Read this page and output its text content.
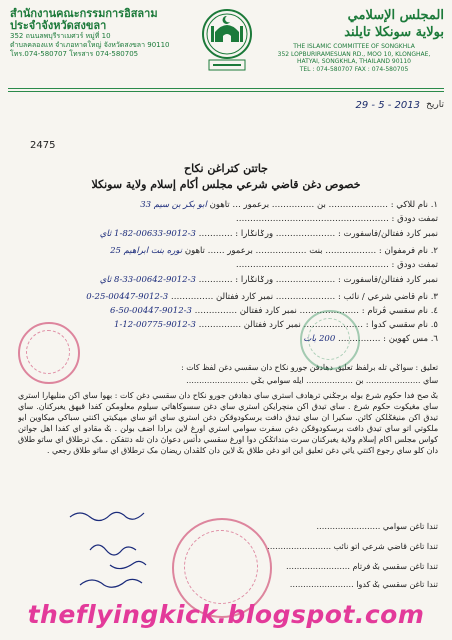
สำนักงานคณะกรรมการอิสลาม
ประจำจังหวัดสงขลา
352 ถนนลพบุรีราเมศวร์ หมู่ที่ 10
ตำบลคลองแห จำเภอหาดใหญ่ จังหวัดสงขลา 90110
โทร.074-580707 โทรสาร 074-580705
المجلس الإسلامي
بولاية سونكلا تايلند
THE ISLAMIC COMMITTEE OF SONGKHLA
352 LOPBURIRAMESUAN RD., MOO 10, KLONGHAE,
HATYAI, SONGKHLA, THAILAND 90110
TEL : 074-580707 FAX : 074-580705
29 - 5 - 2013 تاريخ
2475
جاتتن كتراغن نكاح
خصوص دغن قاضي شرعي مجلس أكام إسلام ولاية سونكلا
١. نام للاكي : ………………… بن …………… برعمور … تاهون ابو بكر بن سيم 33
تمفت دودق : ………………………………………………
نمبر كارد ففتالن/فاسفورت : ………………… ورݢانݢارا : ………… 3-9012-00633-82-1 ثاي
٢. نام فرمفوان : ……………… بنت ……………… برعمور …… تاهون نوره بنت ابراهيم 25
تمفت دودق : ………………………………………………
نمبر كارد ففتالن/فاسفورت : ………………… ورݢانݢارا : ………… 3-9012-00642-33-8 ثاي
٣. نام قاضي شرعي / نائب : ………………… نمبر كارد ففتالن …………… 3-9012-00447-25-0
٤. نام سقسي ڤرتام : ………………… نمبر كارد ففتالن …………… 3-9012-00447-50-6
٥. نام سقسي كدوا : ………………… نمبر كارد ففتالن …………… 3-9012-00775-12-1
٦. مس كهوين : …………… 200 بات
تعليق : سواݢي تله برلفظ تعليق دهادفن جورو نكاح دان سقسي دغن لفظ كات :
ساي ………………… بن ……………… ايله سوامي بݢي ……………………
بݢ صح فدا حكوم شرع بوله برجݢني ترهادف استري ساي دهادفن جورو نكاح دان سقسي دغن كات : بهوا ساي اكن منليهارا استري ساي مڠيكوت حكوم شرع . ساي تيدق اكن منچرايكن استري ساي دغن سسوكاهاتي سيلوم معلومكن كفدا قيهق يغبركنان. ساي تيدق اكن منيڠݢلكن كائن. سكيرا ان ساي تيدق دافت برسكودوقكن دغن استري ساي اتو ساي مڽيكيتي اكنتي سباكي ميكاوين ايو ملكوتي اتو ساي تيدق دافت برسكودوقكن دغن سفرت سوامي استري اورغ لاين برادا اضف بولن . بݢ مقادو اي كفدا اهل جواتن كواس مجلس اكام إسلام ولاية يغبركنان سرت منداتݢكن دوا اورغ سقسي دأتس دعواڽ دان تله دتتفكن . مک ترطلاق اي ساتو طلاق دان كلو ساي رجوع اكنتي ياتي دغن تعليق اين اتو دغن طلاق بݢ لاين دان كلڤدان ريضان مک ترطلاق اي ساتو طلاق رجعي .
تندا تاغن سوامي ……………………
تندا تاغن قاضي شرعي اتو نائب ……………………
تندا تاغن سقسي بݢ فرتام ……………………
تندا تاغن سقسي بݢ كدوا ……………………
theflyingkick.blogspot.com
